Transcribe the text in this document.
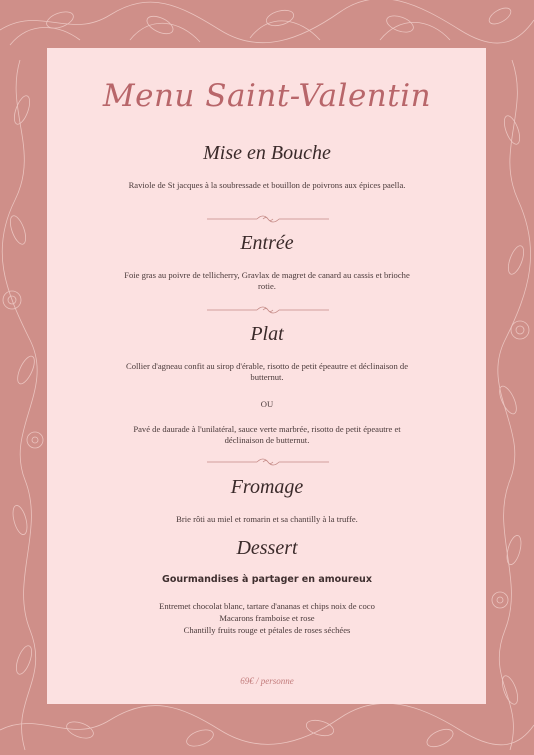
Menu Saint-Valentin
Mise en Bouche
Raviole de St jacques à la soubressade et bouillon de poivrons aux épices paella.
Entrée
Foie gras au poivre de tellicherry, Gravlax de magret de canard au cassis et brioche rotie.
Plat
Collier d'agneau confit au sirop d'érable, risotto de petit épeautre et déclinaison de butternut.
OU
Pavé de daurade à l'unilatéral, sauce verte marbrée, risotto de petit épeautre et déclinaison de butternut.
Fromage
Brie rôti au miel et romarin et sa chantilly à la truffe.
Dessert
Gourmandises à partager en amoureux
Entremet chocolat blanc, tartare d'ananas et chips noix de coco
Macarons framboise et rose
Chantilly fruits rouge et pétales de roses séchées
69€ / personne
